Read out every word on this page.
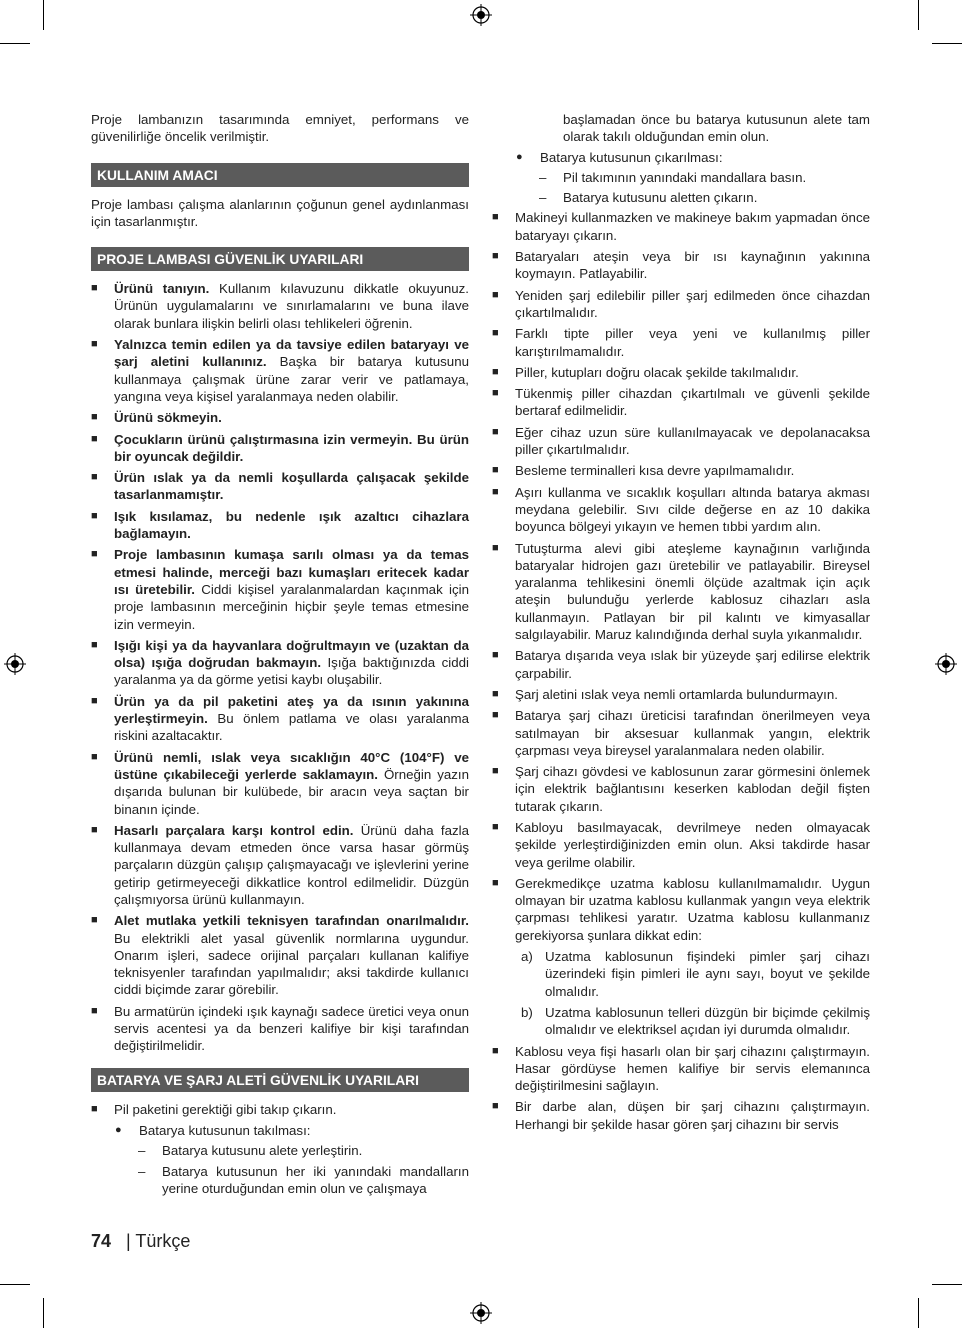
Proje lambanızın tasarımında emniyet, performans ve güvenilirliğe öncelik verilmiştir.

KULLANIM AMACI

Proje lambası çalışma alanlarının çoğunun genel aydınlanması için tasarlanmıştır.

PROJE LAMBASI GÜVENLİK UYARILARI
■ Ürünü tanıyın. Kullanım kılavuzunu dikkatle okuyunuz. Ürünün uygulamalarını ve sınırlamalarını ve buna ilave olarak bunlara ilişkin belirli olası tehlikeleri öğrenin.
■ Yalnızca temin edilen ya da tavsiye edilen bataryayı ve şarj aletini kullanınız. Başka bir batarya kutusunu kullanmaya çalışmak ürüne zarar verir ve patlamaya, yangına veya kişisel yaralanmaya neden olabilir.
■ Ürünü sökmeyin.
■ Çocukların ürünü çalıştırmasına izin vermeyin. Bu ürün bir oyuncak değildir.
■ Ürün ıslak ya da nemli koşullarda çalışacak şekilde tasarlanmamıştır.
■ Işık kısılamaz, bu nedenle ışık azaltıcı cihazlara bağlamayın.
■ Proje lambasının kumaşa sarılı olması ya da temas etmesi halinde, merceği bazı kumaşları eritecek kadar ısı üretebilir. Ciddi kişisel yaralanmalardan kaçınmak için proje lambasının merceğinin hiçbir şeyle temas etmesine izin vermeyin.
■ Işığı kişi ya da hayvanlara doğrultmayın ve (uzaktan da olsa) ışığa doğrudan bakmayın. Işığa baktığınızda ciddi yaralanma ya da görme yetisi kaybı oluşabilir.
■ Ürün ya da pil paketini ateş ya da ısının yakınına yerleştirmeyin. Bu önlem patlama ve olası yaralanma riskini azaltacaktır.
■ Ürünü nemli, ıslak veya sıcaklığın 40°C (104°F) ve üstüne çıkabileceği yerlerde saklamayın. Örneğin yazın dışarıda bulunan bir kulübede, bir aracın veya saçtan bir binanın içinde.
■ Hasarlı parçalara karşı kontrol edin. Ürünü daha fazla kullanmaya devam etmeden önce varsa hasar görmüş parçaların düzgün çalışıp çalışmayacağı ve işlevlerini yerine getirip getirmeyeceği dikkatlice kontrol edilmelidir. Düzgün çalışmıyorsa ürünü kullanmayın.
■ Alet mutlaka yetkili teknisyen tarafından onarılmalıdır. Bu elektrikli alet yasal güvenlik normlarına uygundur. Onarım işleri, sadece orijinal parçaları kullanan kalifiye teknisyenler tarafından yapılmalıdır; aksi takdirde kullanıcı ciddi biçimde zarar görebilir.
■ Bu armatürün içindeki ışık kaynağı sadece üretici veya onun servis acentesi ya da benzeri kalifiye bir kişi tarafından değiştirilmelidir.
BATARYA VE ŞARJ ALETİ GÜVENLİK UYARILARI
■ Pil paketini gerektiği gibi takıp çıkarın.
● Batarya kutusunun takılması:
– Batarya kutusunu alete yerleştirin.
– Batarya kutusunun her iki yanındaki mandalların yerine oturduğundan emin olun ve çalışmaya
başlamadan önce bu batarya kutusunun alete tam olarak takılı olduğundan emin olun.
● Batarya kutusunun çıkarılması:
– Pil takımının yanındaki mandallara basın.
– Batarya kutusunu aletten çıkarın.
■ Makineyi kullanmazken ve makineye bakım yapmadan önce bataryayı çıkarın.
■ Bataryaları ateşin veya bir ısı kaynağının yakınına koymayın. Patlayabilir.
■ Yeniden şarj edilebilir piller şarj edilmeden önce cihazdan çıkartılmalıdır.
■ Farklı tipte piller veya yeni ve kullanılmış piller karıştırılmamalıdır.
■ Piller, kutupları doğru olacak şekilde takılmalıdır.
■ Tükenmiş piller cihazdan çıkartılmalı ve güvenli şekilde bertaraf edilmelidir.
■ Eğer cihaz uzun süre kullanılmayacak ve depolanacaksa piller çıkartılmalıdır.
■ Besleme terminalleri kısa devre yapılmamalıdır.
■ Aşırı kullanma ve sıcaklık koşulları altında batarya akması meydana gelebilir. Sıvı cilde değerse en az 10 dakika boyunca bölgeyi yıkayın ve hemen tıbbi yardım alın.
■ Tutuşturma alevi gibi ateşleme kaynağının varlığında bataryalar hidrojen gazı üretebilir ve patlayabilir. Bireysel yaralanma tehlikesini önemli ölçüde azaltmak için açık ateşin bulunduğu yerlerde kablosuz cihazları asla kullanmayın. Patlayan bir pil kalıntı ve kimyasallar salgılayabilir. Maruz kalındığında derhal suyla yıkanmalıdır.
■ Batarya dışarıda veya ıslak bir yüzeyde şarj edilirse elektrik çarpabilir.
■ Şarj aletini ıslak veya nemli ortamlarda bulundurmayın.
■ Batarya şarj cihazı üreticisi tarafından önerilmeyen veya satılmayan bir aksesuar kullanmak yangın, elektrik çarpması veya bireysel yaralanmalara neden olabilir.
■ Şarj cihazı gövdesi ve kablosunun zarar görmesini önlemek için elektrik bağlantısını keserken kablodan değil fişten tutarak çıkarın.
■ Kabloyu basılmayacak, devrilmeye neden olmayacak şekilde yerleştirdiğinizden emin olun. Aksi takdirde hasar veya gerilme olabilir.
■ Gerekmedikçe uzatma kablosu kullanılmamalıdır. Uygun olmayan bir uzatma kablosu kullanmak yangın veya elektrik çarpması tehlikesi yaratır. Uzatma kablosu kullanmanız gerekiyorsa şunlara dikkat edin:
a) Uzatma kablosunun fişindeki pimler şarj cihazı üzerindeki fişin pimleri ile aynı sayı, boyut ve şekilde olmalıdır.
b) Uzatma kablosunun telleri düzgün bir biçimde çekilmiş olmalıdır ve elektriksel açıdan iyi durumda olmalıdır.
■ Kablosu veya fişi hasarlı olan bir şarj cihazını çalıştırmayın. Hasar gördüyse hemen kalifiye bir servis elemanınca değiştirilmesini sağlayın.
■ Bir darbe alan, düşen bir şarj cihazını çalıştırmayın. Herhangi bir şekilde hasar gören şarj cihazını bir servis
74 | Türkçe
